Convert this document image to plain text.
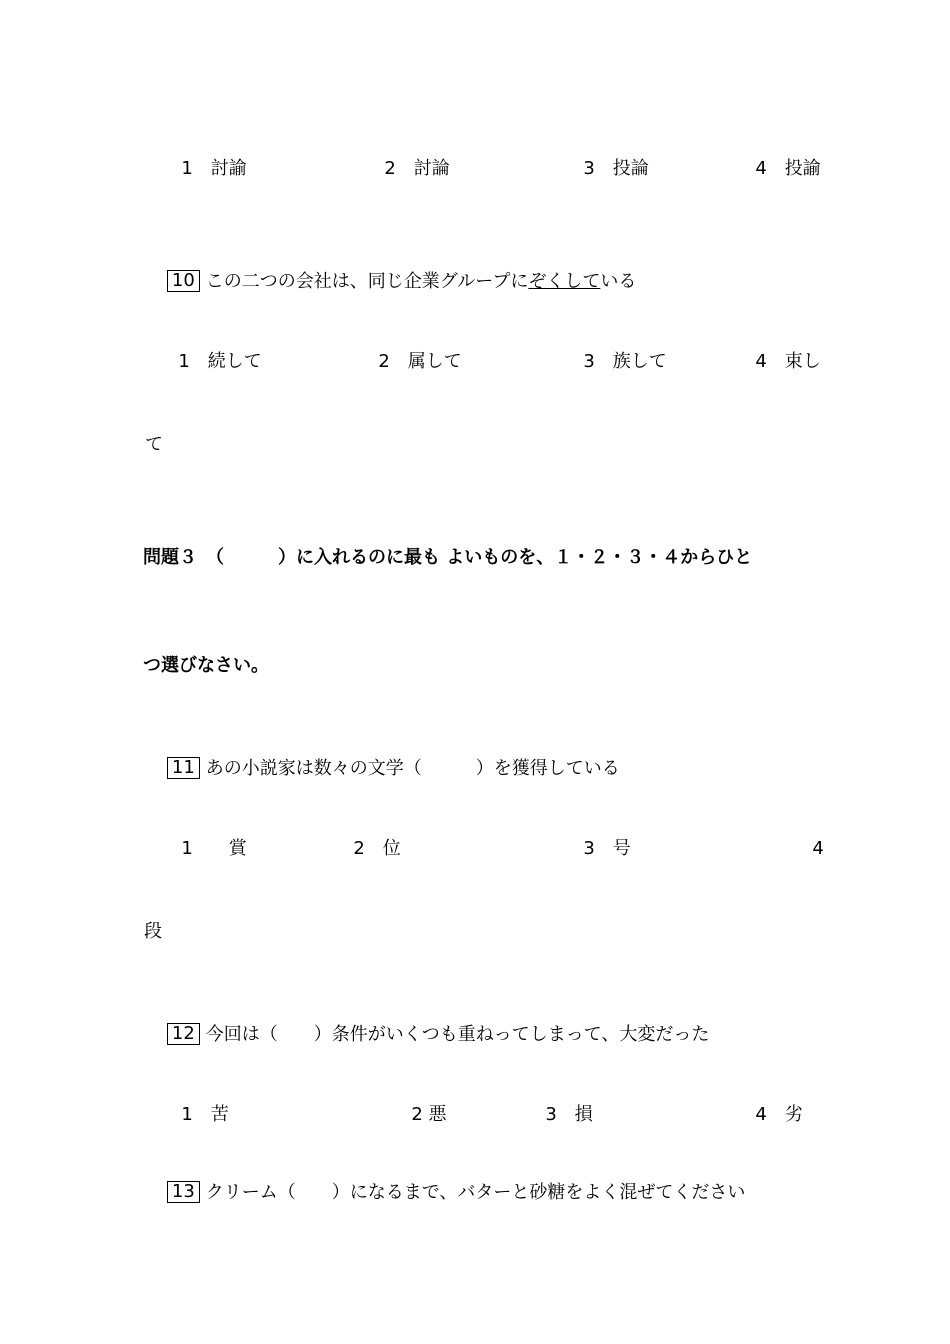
1　 討諭
	2　 討論
	3　 投論
	4　 投諭

10 この二つの会社は、同じ企業グループにぞくしている

1　 続して
	2　 属して
	3　 族して
	4　 束し

て
問題３　（　　　）に入れるのに最も よいものを、１・２・３・４からひと
つ選びなさい。

11 あの小説家は数々の文学（　　　）を獲得している

1　　 賞
	2　 位
	3　 号
	4

段

12 今回は（　　）条件がいくつも重ねってしまって、大変だった

1　 苦
	2 悪
	3　 損
	4　 劣

13 クリーム（　　）になるまで、バターと砂糖をよく混ぜてください
